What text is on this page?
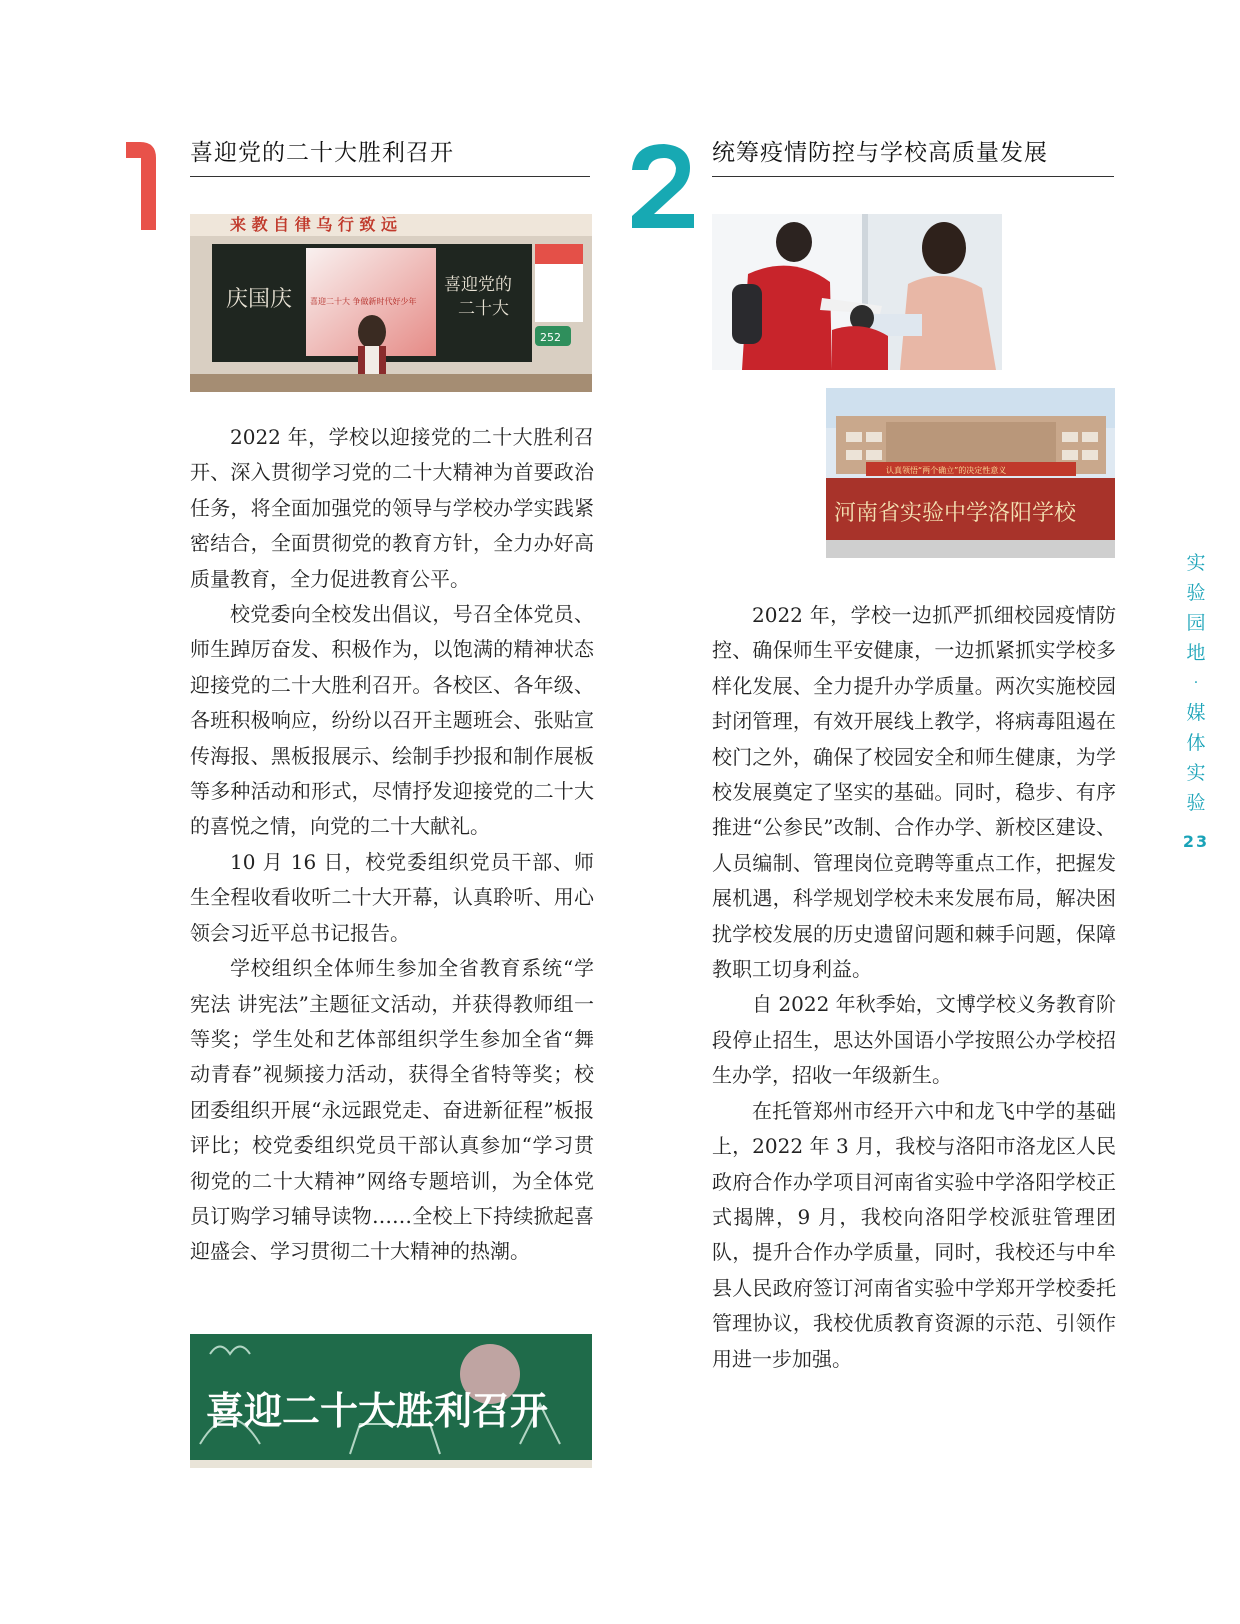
喜迎党的二十大胜利召开	统筹疫情防控与学校高质量发展
来 教 自 律 乌 行 致 远
喜迎二十大 争做新时代好少年
庆国庆
喜迎党的
二十大
252
认真领悟“两个确立”的决定性意义
河南省实验中学洛阳学校
喜迎二十大胜利召开

2022 年，学校以迎接党的二十大胜利召开、深入贯彻学习党的二十大精神为首要政治任务，将全面加强党的领导与学校办学实践紧密结合，全面贯彻党的教育方针，全力办好高质量教育，全力促进教育公平。

校党委向全校发出倡议，号召全体党员、师生踔厉奋发、积极作为，以饱满的精神状态迎接党的二十大胜利召开。各校区、各年级、各班积极响应，纷纷以召开主题班会、张贴宣传海报、黑板报展示、绘制手抄报和制作展板等多种活动和形式，尽情抒发迎接党的二十大的喜悦之情，向党的二十大献礼。

10 月 16 日，校党委组织党员干部、师生全程收看收听二十大开幕，认真聆听、用心领会习近平总书记报告。

学校组织全体师生参加全省教育系统“学宪法 讲宪法”主题征文活动，并获得教师组一等奖；学生处和艺体部组织学生参加全省“舞动青春”视频接力活动，获得全省特等奖；校团委组织开展“永远跟党走、奋进新征程”板报评比；校党委组织党员干部认真参加“学习贯彻党的二十大精神”网络专题培训，为全体党员订购学习辅导读物……全校上下持续掀起喜迎盛会、学习贯彻二十大精神的热潮。

2022 年，学校一边抓严抓细校园疫情防控、确保师生平安健康，一边抓紧抓实学校多样化发展、全力提升办学质量。两次实施校园封闭管理，有效开展线上教学，将病毒阻遏在校门之外，确保了校园安全和师生健康，为学校发展奠定了坚实的基础。同时，稳步、有序推进“公参民”改制、合作办学、新校区建设、人员编制、管理岗位竞聘等重点工作，把握发展机遇，科学规划学校未来发展布局，解决困扰学校发展的历史遗留问题和棘手问题，保障教职工切身利益。

自 2022 年秋季始，文博学校义务教育阶段停止招生，思达外国语小学按照公办学校招生办学，招收一年级新生。

在托管郑州市经开六中和龙飞中学的基础上，2022 年 3 月，我校与洛阳市洛龙区人民政府合作办学项目河南省实验中学洛阳学校正式揭牌，9 月，我校向洛阳学校派驻管理团队，提升合作办学质量，同时，我校还与中牟县人民政府签订河南省实验中学郑开学校委托管理协议，我校优质教育资源的示范、引领作用进一步加强。

实
验
园
地
·
媒
体
实
验
23
